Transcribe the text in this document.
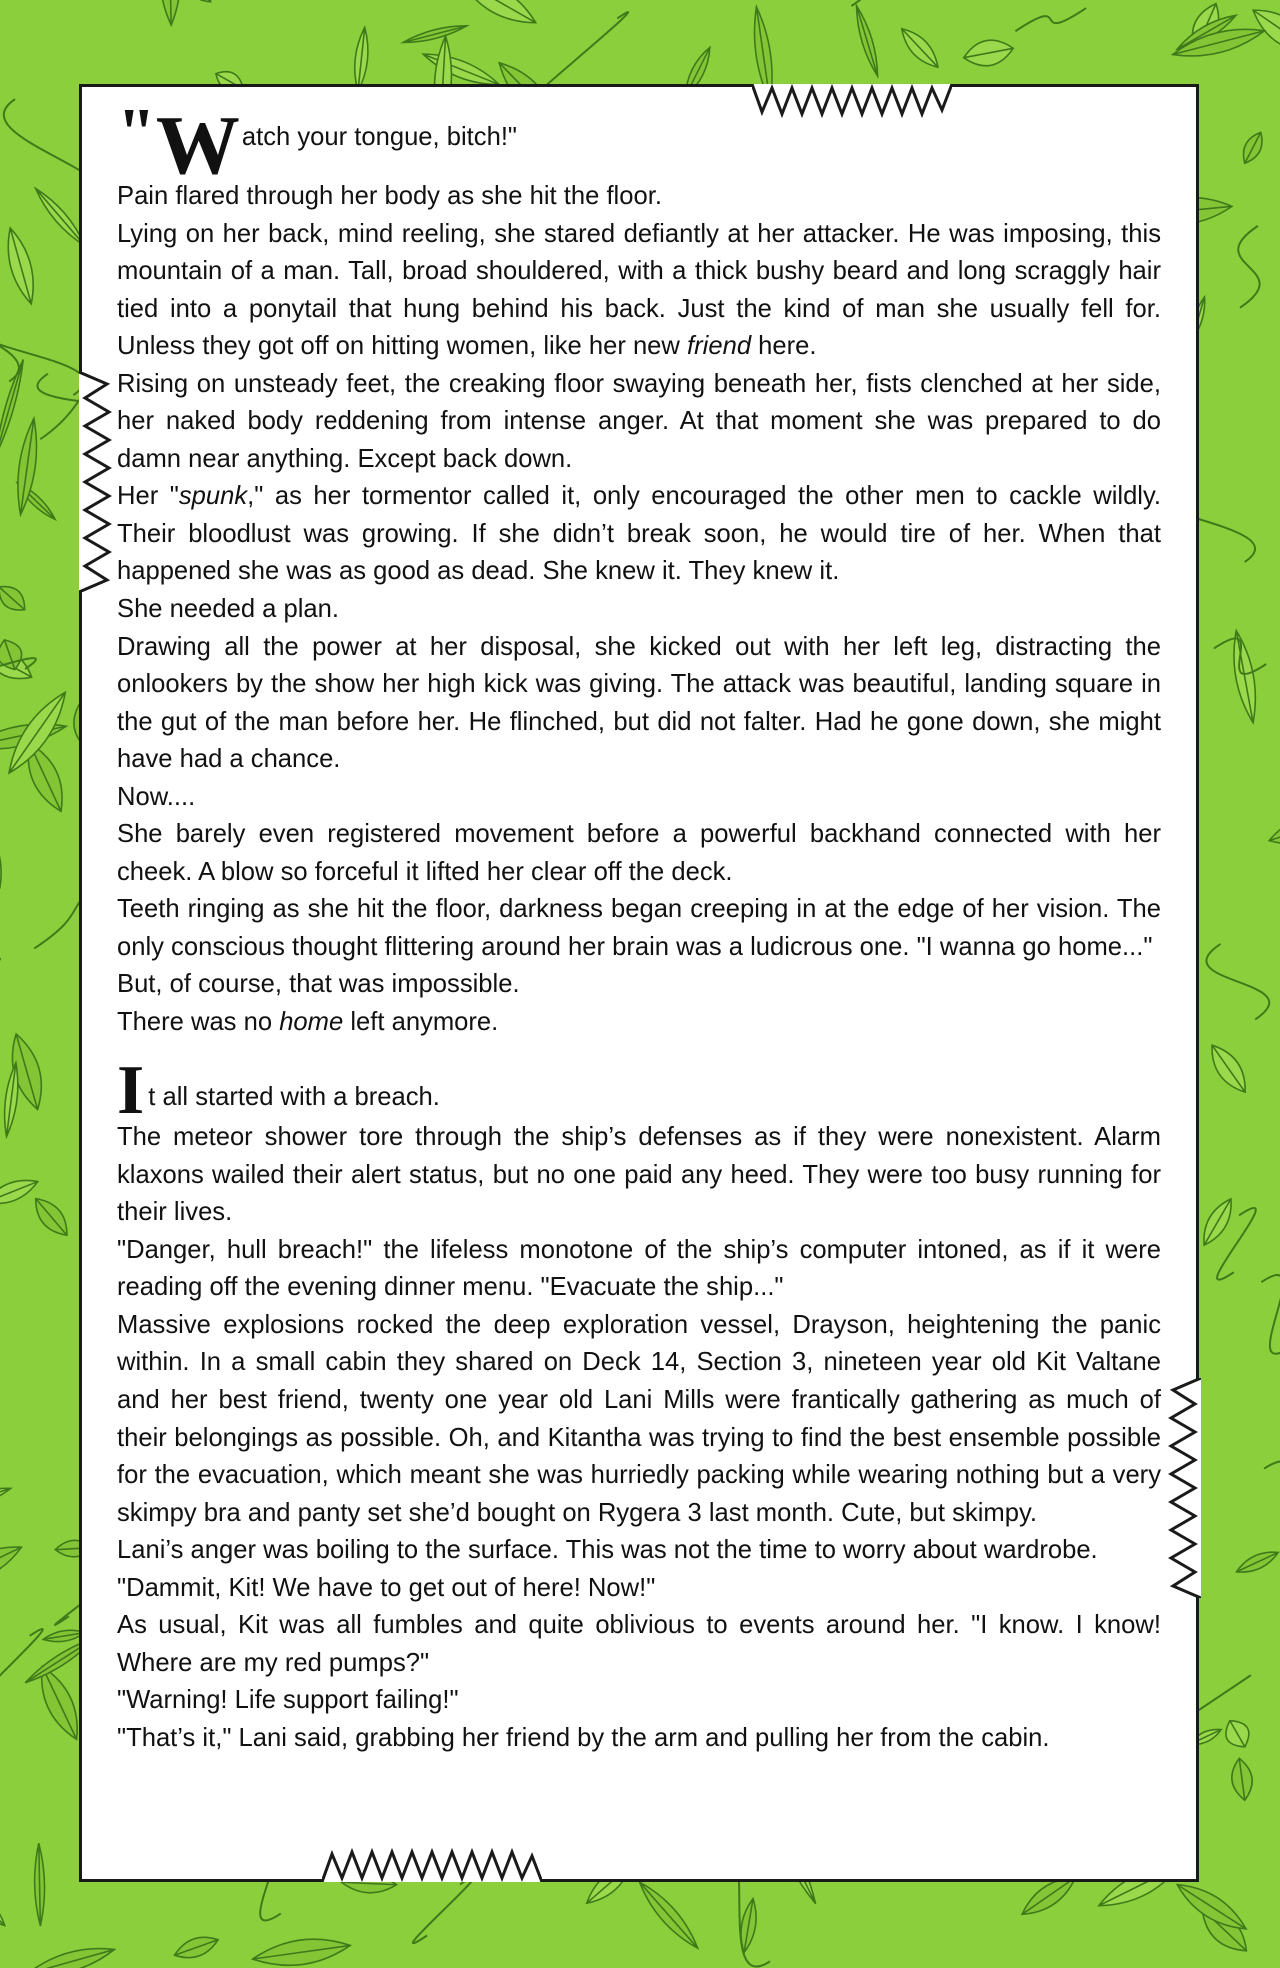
"W atch your tongue, bitch!"

Pain flared through her body as she hit the floor.

Lying on her back, mind reeling, she stared defiantly at her attacker. He was imposing, this mountain of a man. Tall, broad shouldered, with a thick bushy beard and long scraggly hair tied into a ponytail that hung behind his back. Just the kind of man she usually fell for. Unless they got off on hitting women, like her new friend here.

Rising on unsteady feet, the creaking floor swaying beneath her, fists clenched at her side, her naked body reddening from intense anger. At that moment she was prepared to do damn near anything. Except back down.

Her "spunk," as her tormentor called it, only encouraged the other men to cackle wildly. Their bloodlust was growing. If she didn’t break soon, he would tire of her. When that happened she was as good as dead. She knew it. They knew it.

She needed a plan.

Drawing all the power at her disposal, she kicked out with her left leg, distracting the onlookers by the show her high kick was giving. The attack was beautiful, landing square in the gut of the man before her. He flinched, but did not falter. Had he gone down, she might have had a chance.

Now....

She barely even registered movement before a powerful backhand connected with her cheek. A blow so forceful it lifted her clear off the deck.

Teeth ringing as she hit the floor, darkness began creeping in at the edge of her vision. The only conscious thought flittering around her brain was a ludicrous one. "I wanna go home..."

But, of course, that was impossible.

There was no home left anymore.

It all started with a breach.

The meteor shower tore through the ship’s defenses as if they were nonexistent. Alarm klaxons wailed their alert status, but no one paid any heed. They were too busy running for their lives.

"Danger, hull breach!" the lifeless monotone of the ship’s computer intoned, as if it were reading off the evening dinner menu. "Evacuate the ship..."

Massive explosions rocked the deep exploration vessel, Drayson, heightening the panic within. In a small cabin they shared on Deck 14, Section 3, nineteen year old Kit Valtane and her best friend, twenty one year old Lani Mills were frantically gathering as much of their belongings as possible. Oh, and Kitantha was trying to find the best ensemble possible for the evacuation, which meant she was hurriedly packing while wearing nothing but a very skimpy bra and panty set she’d bought on Rygera 3 last month. Cute, but skimpy.

Lani’s anger was boiling to the surface. This was not the time to worry about wardrobe.

"Dammit, Kit! We have to get out of here! Now!"

As usual, Kit was all fumbles and quite oblivious to events around her. "I know. I know! Where are my red pumps?"

"Warning! Life support failing!"

"That’s it," Lani said, grabbing her friend by the arm and pulling her from the cabin.
